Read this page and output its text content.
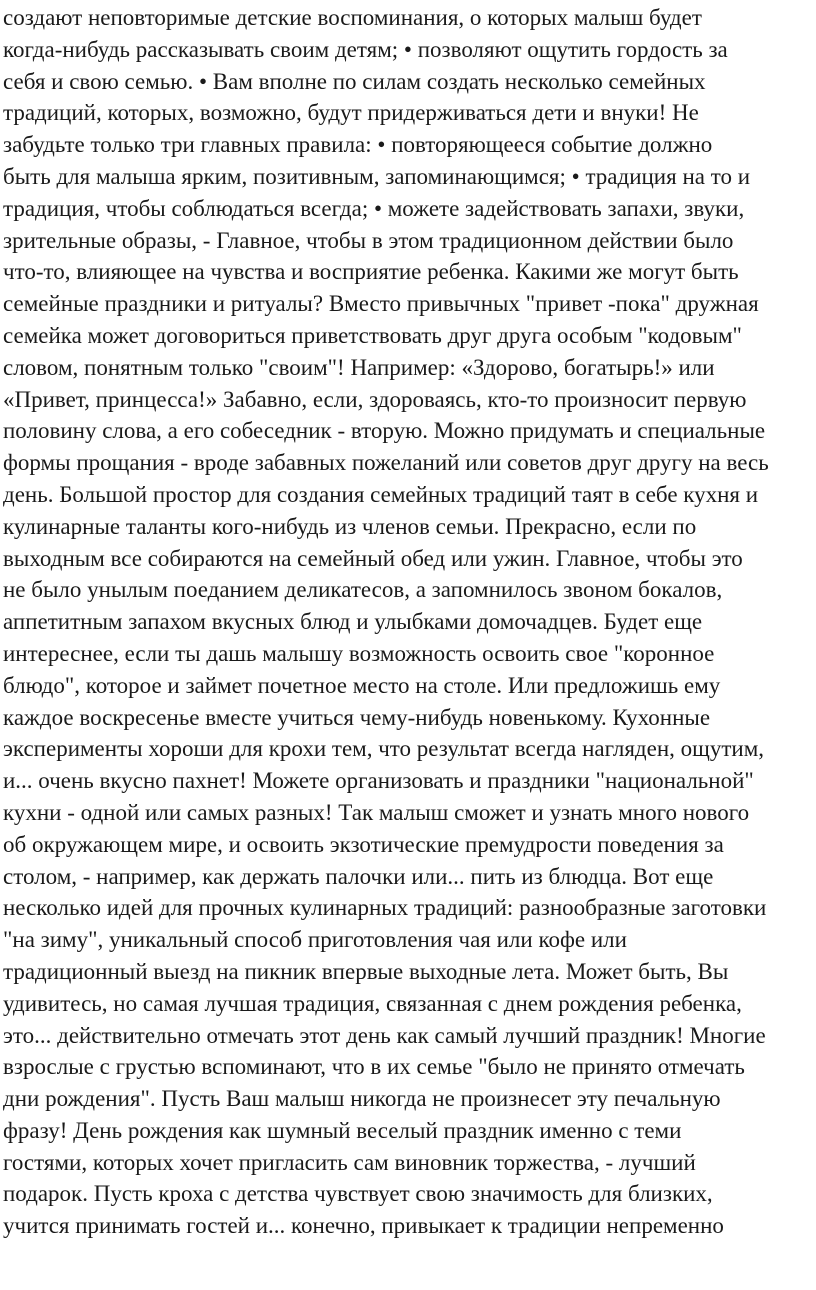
создают неповторимые детские воспоминания, о которых малыш будет
когда-нибудь рассказывать своим детям; • позволяют ощутить гордость за
себя и свою семью. • Вам вполне по силам создать несколько семейных
традиций, которых, возможно, будут придерживаться дети и внуки! Не
забудьте только три главных правила: • повторяющееся событие должно
быть для малыша ярким, позитивным, запоминающимся; • традиция на то и
традиция, чтобы соблюдаться всегда; • можете задействовать запахи, звуки,
зрительные образы, - Главное, чтобы в этом традиционном действии было
что-то, влияющее на чувства и восприятие ребенка. Какими же могут быть
семейные праздники и ритуалы? Вместо привычных "привет -пока" дружная
семейка может договориться приветствовать друг друга особым "кодовым"
словом, понятным только "своим"! Например: «Здорово, богатырь!» или
«Привет, принцесса!» Забавно, если, здороваясь, кто-то произносит первую
половину слова, а его собеседник - вторую. Можно придумать и специальные
формы прощания - вроде забавных пожеланий или советов друг другу на весь
день. Большой простор для создания семейных традиций таят в себе кухня и
кулинарные таланты кого-нибудь из членов семьи. Прекрасно, если по
выходным все собираются на семейный обед или ужин. Главное, чтобы это
не было унылым поеданием деликатесов, а запомнилось звоном бокалов,
аппетитным запахом вкусных блюд и улыбками домочадцев. Будет еще
интереснее, если ты дашь малышу возможность освоить свое "коронное
блюдо", которое и займет почетное место на столе. Или предложишь ему
каждое воскресенье вместе учиться чему-нибудь новенькому. Кухонные
эксперименты хороши для крохи тем, что результат всегда нагляден, ощутим,
и... очень вкусно пахнет! Можете организовать и праздники "национальной"
кухни - одной или самых разных! Так малыш сможет и узнать много нового
об окружающем мире, и освоить экзотические премудрости поведения за
столом, - например, как держать палочки или... пить из блюдца. Вот еще
несколько идей для прочных кулинарных традиций: разнообразные заготовки
"на зиму", уникальный способ приготовления чая или кофе или
традиционный выезд на пикник впервые выходные лета. Может быть, Вы
удивитесь, но самая лучшая традиция, связанная с днем рождения ребенка,
это... действительно отмечать этот день как самый лучший праздник! Многие
взрослые с грустью вспоминают, что в их семье "было не принято отмечать
дни рождения". Пусть Ваш малыш никогда не произнесет эту печальную
фразу! День рождения как шумный веселый праздник именно с теми
гостями, которых хочет пригласить сам виновник торжества, - лучший
подарок. Пусть кроха с детства чувствует свою значимость для близких,
учится принимать гостей и... конечно, привыкает к традиции непременно
